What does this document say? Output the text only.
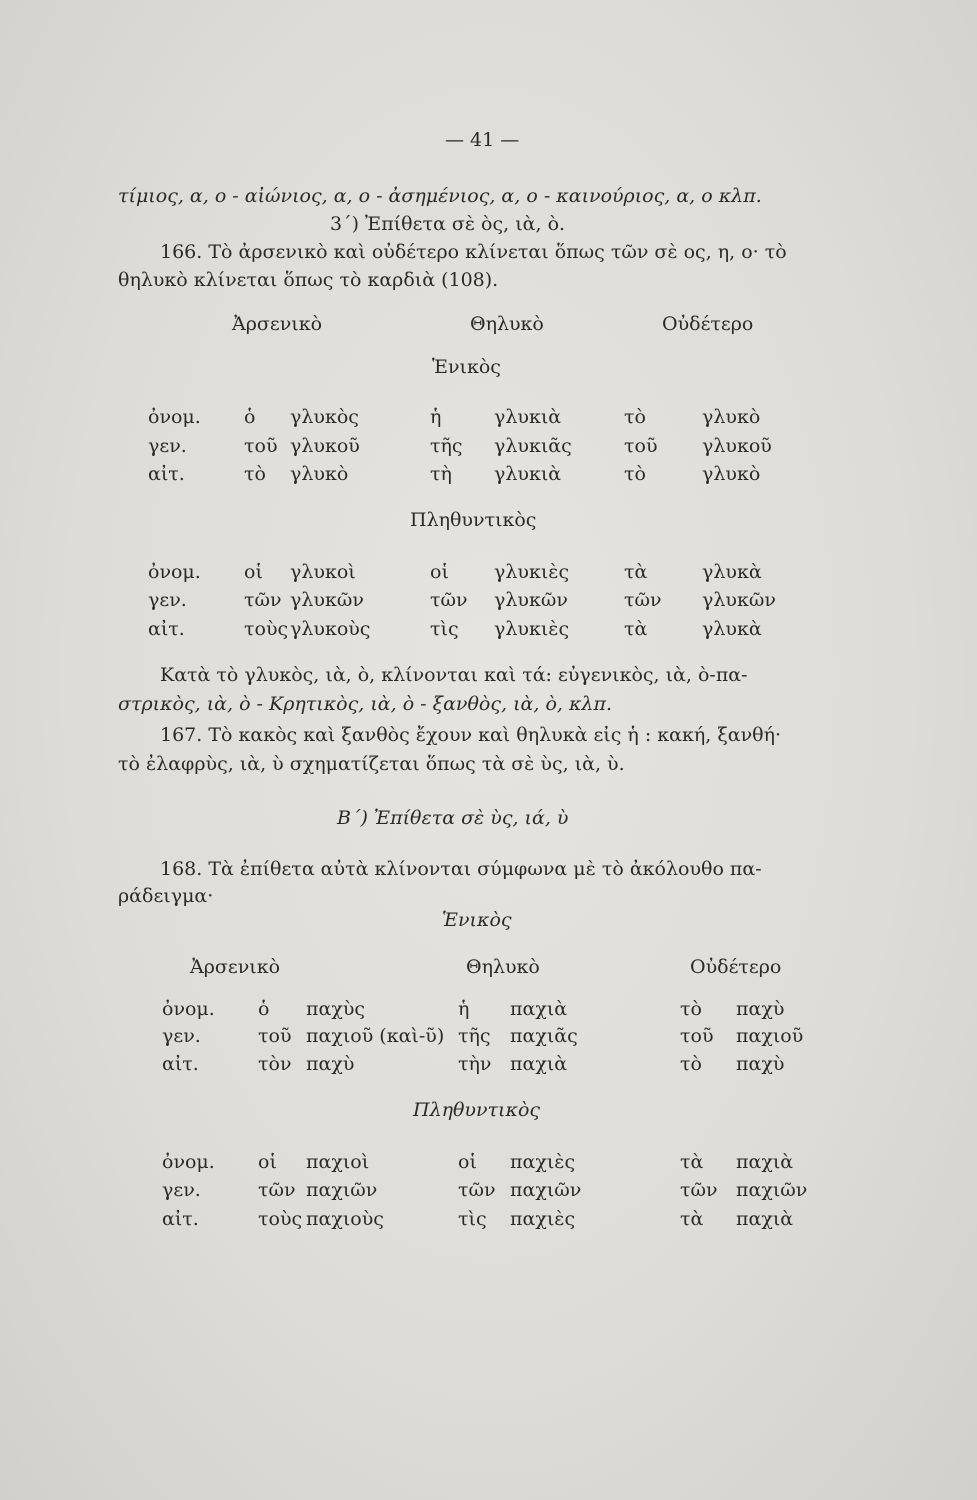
— 41 —
τίμιος, α, ο - αἰώνιος, α, ο - ἀσημένιος, α, ο - καινούριος, α, ο κλπ.
3΄) Ἐπίθετα σὲ ὸς, ιὰ, ὸ.
166. Τὸ ἀρσενικὸ καὶ οὐδέτερο κλίνεται ὅπως τῶν σὲ ος, η, ο· τὸ
θηλυκὸ κλίνεται ὅπως τὸ καρδιὰ (108).
Ἀρσενικὸ	Θηλυκὸ	Οὐδέτερο
Ἑνικὸς
Πληθυντικὸς
ὀνομ. ὁ γλυκὸς	ἡ	γλυκιὰ	τὸ	γλυκὸ
γεν.	τοῦ γλυκοῦ	τῆς γλυκιᾶς	τοῦ γλυκοῦ
αἰτ.	τὸ γλυκὸ	τὴ γλυκιὰ	τὸ	γλυκὸ
ὀνομ. οἱ γλυκοὶ	οἱ γλυκιὲς	τὰ	γλυκὰ
γεν.	τῶν γλυκῶν	τῶν γλυκῶν	τῶν γλυκῶν
αἰτ.	τοὺς γλυκοὺς	τὶς γλυκιὲς	τὰ	γλυκὰ
Κατὰ τὸ γλυκὸς, ιὰ, ὸ, κλίνονται καὶ τά: εὐγενικὸς, ιὰ, ὸ-πα-
στρικὸς, ιὰ, ὸ - Κρητικὸς, ιὰ, ὸ - ξανθὸς, ιὰ, ὸ, κλπ.
167. Τὸ κακὸς καὶ ξανθὸς ἔχουν καὶ θηλυκὰ εἰς ἡ : κακή, ξανθή·
τὸ ἐλαφρὺς, ιὰ, ὺ σχηματίζεται ὅπως τὰ σὲ ὺς, ιὰ, ὺ.
Β΄) Ἐπίθετα σὲ ὺς, ιά, ὺ
168. Τὰ ἐπίθετα αὐτὰ κλίνονται σύμφωνα μὲ τὸ ἀκόλουθο πα-
ράδειγμα·
Ἑνικὸς
Ἀρσενικὸ	Θηλυκὸ	Οὐδέτερο
Πληθυντικὸς
ὀνομ. ὁ παχὺς	ἡ παχιὰ	τὸ παχὺ
γεν.	τοῦ παχιοῦ (καὶ-ῦ) τῆς παχιᾶς	τοῦ παχιοῦ
αἰτ.	τὸν παχὺ	τὴν παχιὰ	τὸ παχὺ
ὀνομ. οἱ παχιοὶ	οἱ παχιὲς	τὰ παχιὰ
γεν.	τῶν παχιῶν	τῶν παχιῶν	τῶν παχιῶν
αἰτ.	τοὺς παχιοὺς	τὶς παχιὲς	τὰ παχιὰ
